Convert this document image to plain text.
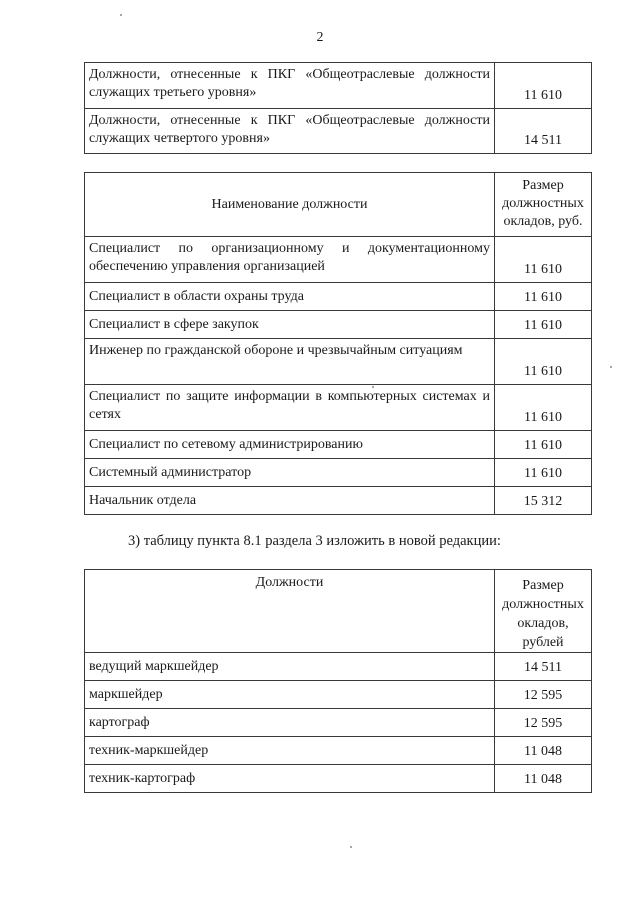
2
Должности, отнесенные к ПКГ «Общеотраслевые должности служащих третьего уровня»	11 610
Должности, отнесенные к ПКГ «Общеотраслевые должности служащих четвертого уровня»	14 511
Наименование должности	Размер должностных окладов, руб.
Специалист по организационному и документационному обеспечению управления организацией	11 610
Специалист в области охраны труда	11 610
Специалист в сфере закупок	11 610
Инженер по гражданской обороне и чрезвычайным ситуациям	11 610
Специалист по защите информации в компьютерных системах и сетях	11 610
Специалист по сетевому администрированию	11 610
Системный администратор	11 610
Начальник отдела	15 312
3) таблицу пункта 8.1 раздела 3 изложить в новой редакции:
Должности	Размер должностных окладов, рублей
ведущий маркшейдер	14 511
маркшейдер	12 595
картограф	12 595
техник-маркшейдер	11 048
техник-картограф	11 048
